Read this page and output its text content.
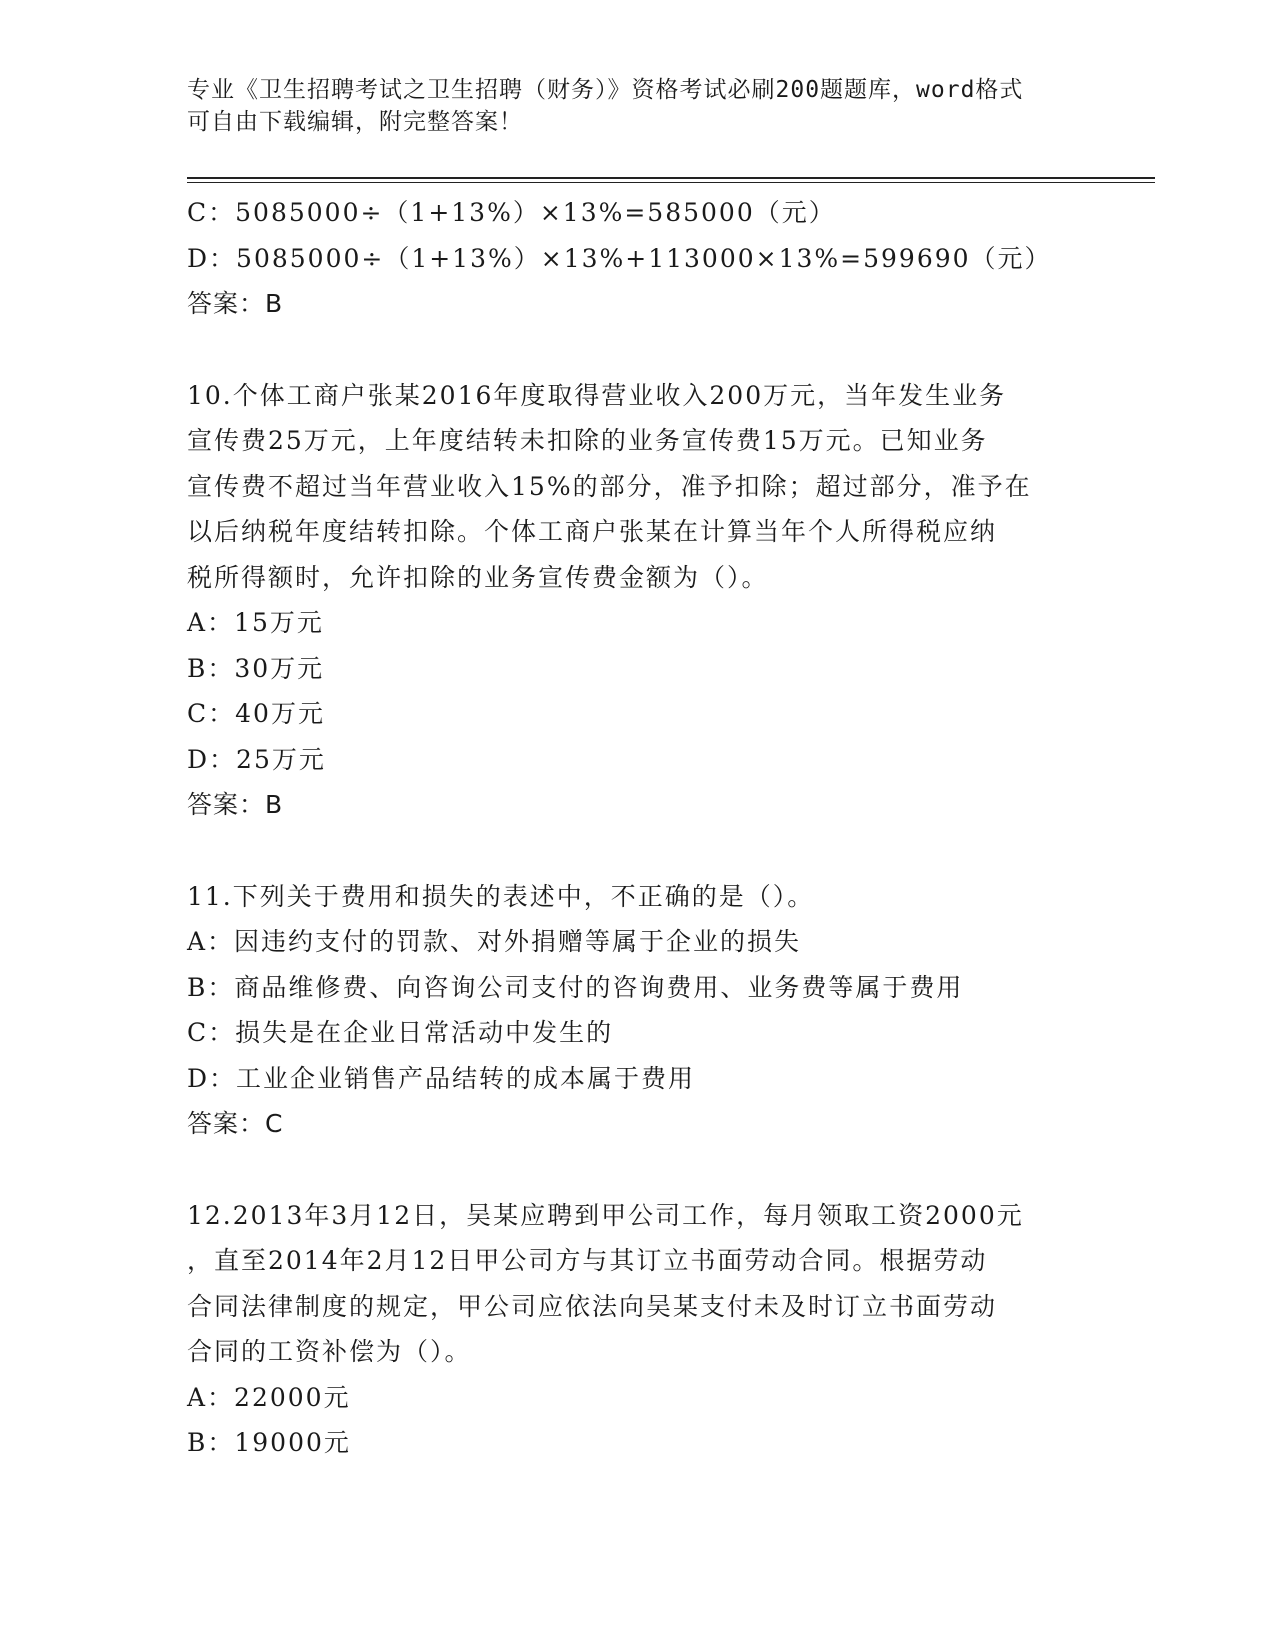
专业《卫生招聘考试之卫生招聘（财务）》资格考试必刷200题题库，word格式
可自由下载编辑，附完整答案！
C：5085000÷（1+13%）×13%=585000（元）
D：5085000÷（1+13%）×13%+113000×13%=599690（元）
答案：B
10.个体工商户张某2016年度取得营业收入200万元，当年发生业务
宣传费25万元，上年度结转未扣除的业务宣传费15万元。已知业务
宣传费不超过当年营业收入15%的部分，准予扣除；超过部分，准予在
以后纳税年度结转扣除。个体工商户张某在计算当年个人所得税应纳
税所得额时，允许扣除的业务宣传费金额为（）。
A：15万元
B：30万元
C：40万元
D：25万元
答案：B
11.下列关于费用和损失的表述中，不正确的是（）。
A：因违约支付的罚款、对外捐赠等属于企业的损失
B：商品维修费、向咨询公司支付的咨询费用、业务费等属于费用
C：损失是在企业日常活动中发生的
D：工业企业销售产品结转的成本属于费用
答案：C
12.2013年3月12日，吴某应聘到甲公司工作，每月领取工资2000元
，直至2014年2月12日甲公司方与其订立书面劳动合同。根据劳动
合同法律制度的规定，甲公司应依法向吴某支付未及时订立书面劳动
合同的工资补偿为（）。
A：22000元
B：19000元
